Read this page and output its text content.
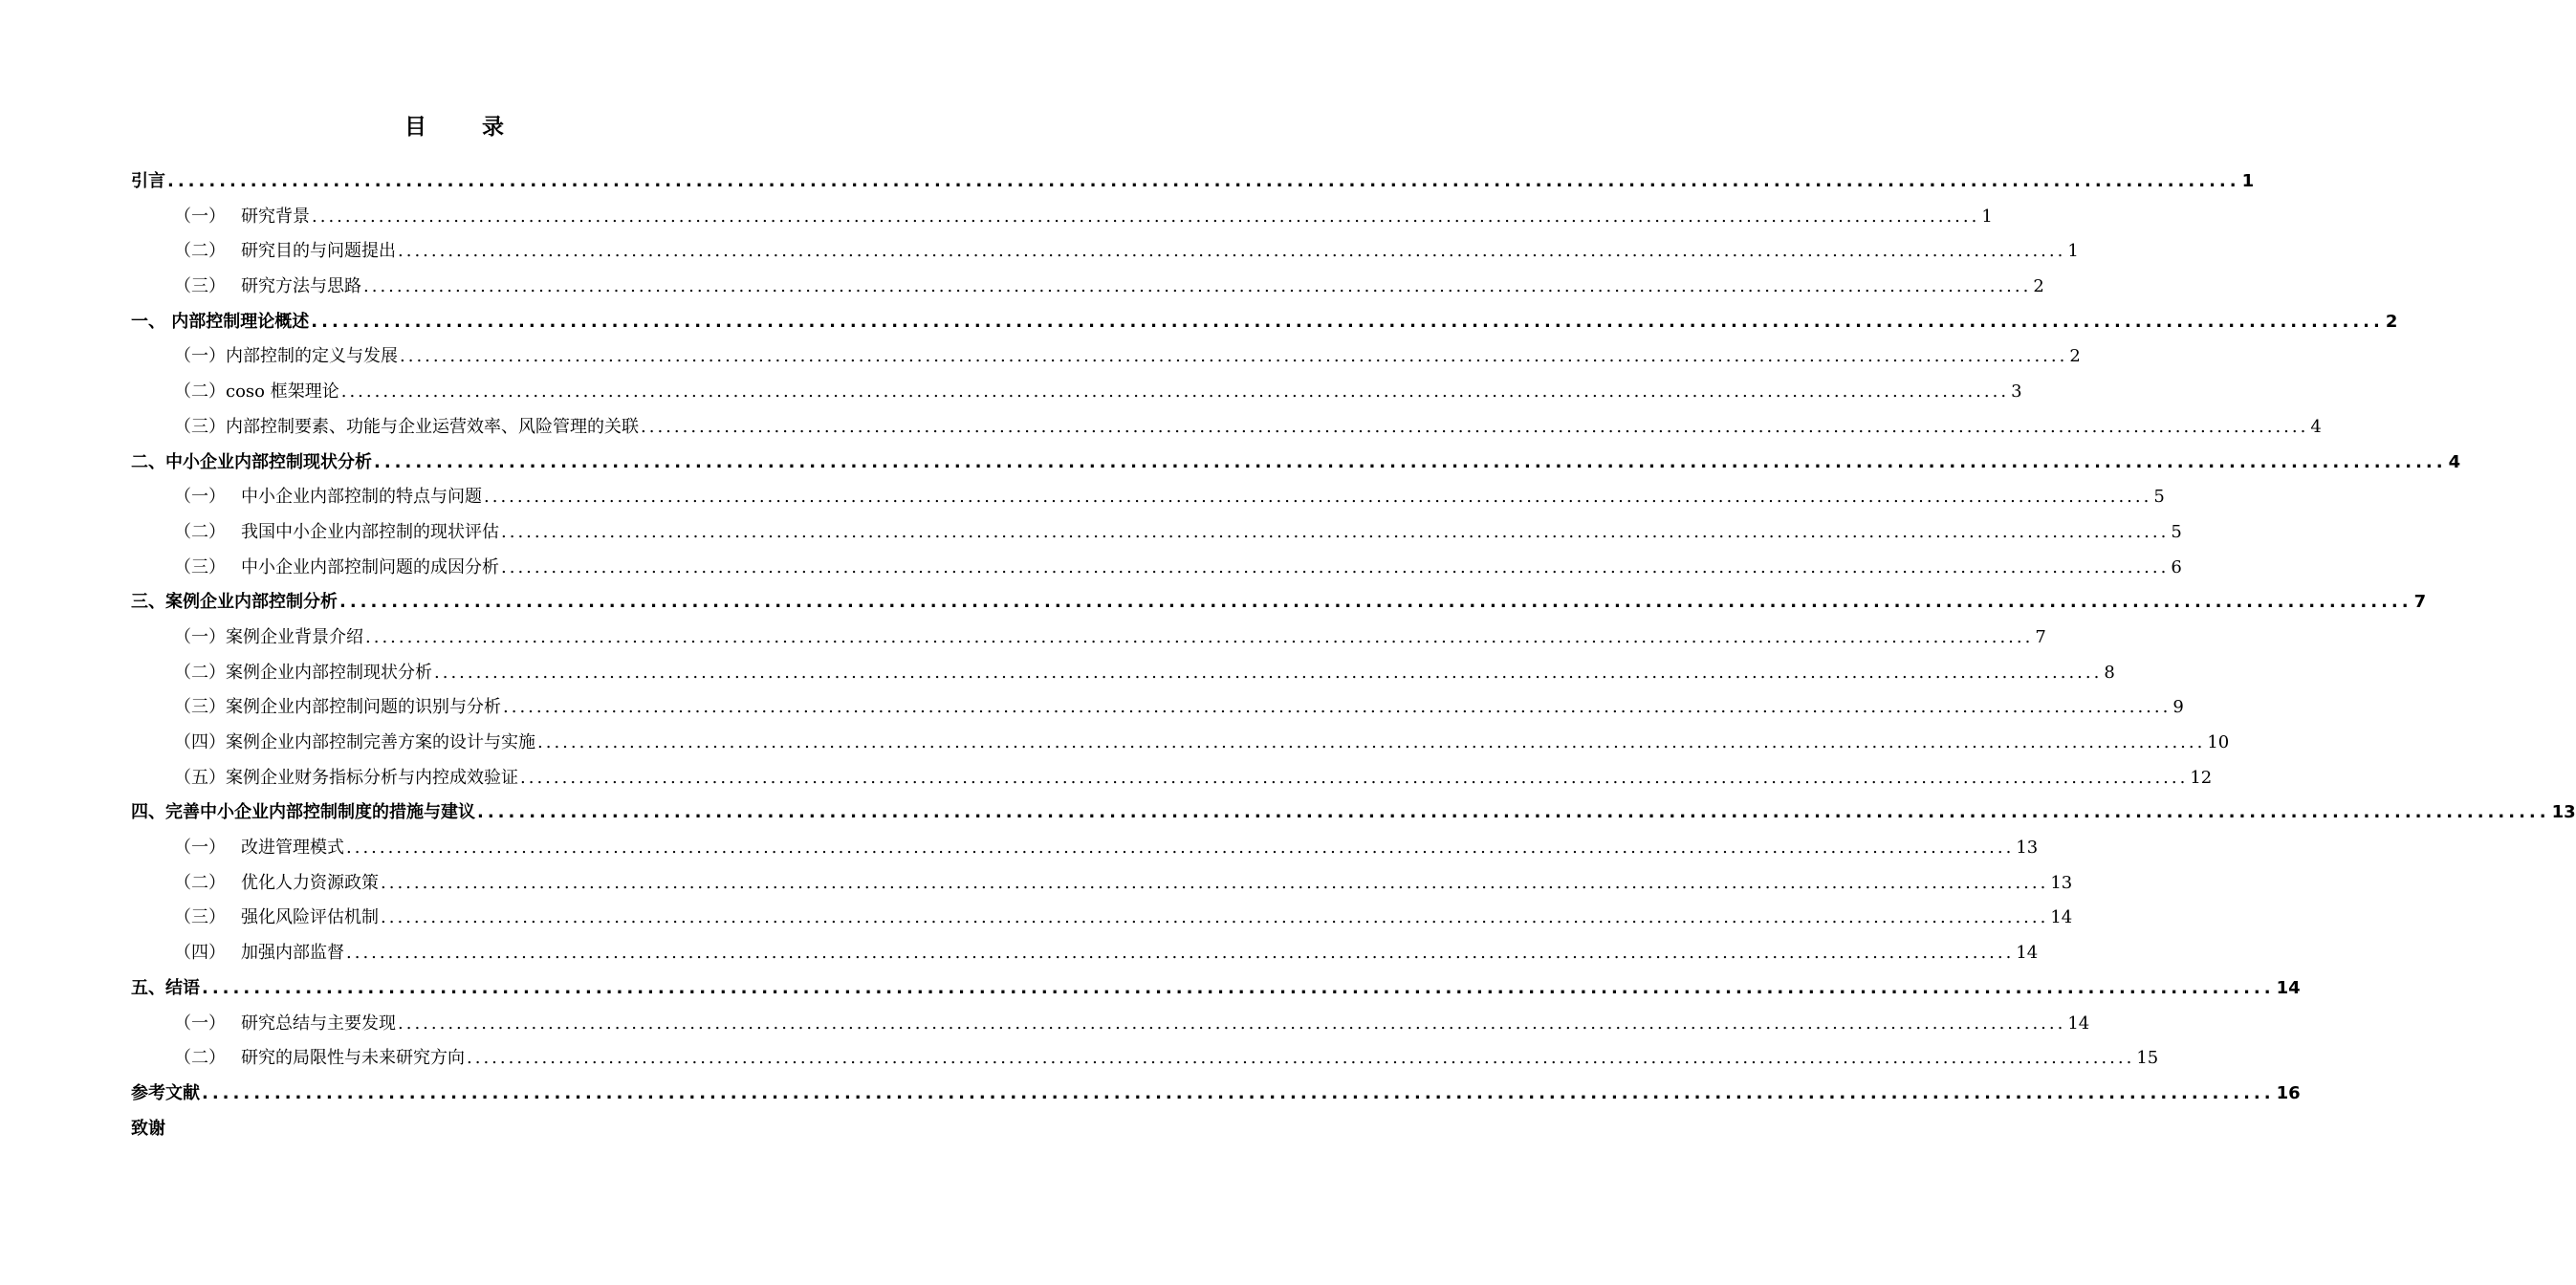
目	录
引言 ........................................................................................................................................................................................................ 1
（一） 研究背景 ........................................................................................................................................................................................................ 1
（二） 研究目的与问题提出 ........................................................................................................................................................................................................ 1
（三） 研究方法与思路 ........................................................................................................................................................................................................ 2
一、 内部控制理论概述 ........................................................................................................................................................................................................ 2
（一）内部控制的定义与发展 ........................................................................................................................................................................................................ 2
（二）coso 框架理论 ........................................................................................................................................................................................................ 3
（三）内部控制要素、功能与企业运营效率、风险管理的关联 ........................................................................................................................................................................................................ 4
二、中小企业内部控制现状分析 ........................................................................................................................................................................................................ 4
（一） 中小企业内部控制的特点与问题 ........................................................................................................................................................................................................ 5
（二） 我国中小企业内部控制的现状评估 ........................................................................................................................................................................................................ 5
（三） 中小企业内部控制问题的成因分析 ........................................................................................................................................................................................................ 6
三、案例企业内部控制分析 ........................................................................................................................................................................................................ 7
（一）案例企业背景介绍 ........................................................................................................................................................................................................ 7
（二）案例企业内部控制现状分析 ........................................................................................................................................................................................................ 8
（三）案例企业内部控制问题的识别与分析 ........................................................................................................................................................................................................ 9
（四）案例企业内部控制完善方案的设计与实施 ........................................................................................................................................................................................................ 10
（五）案例企业财务指标分析与内控成效验证 ........................................................................................................................................................................................................ 12
四、完善中小企业内部控制制度的措施与建议 ........................................................................................................................................................................................................ 13
（一） 改进管理模式 ........................................................................................................................................................................................................ 13
（二） 优化人力资源政策 ........................................................................................................................................................................................................ 13
（三） 强化风险评估机制 ........................................................................................................................................................................................................ 14
（四） 加强内部监督 ........................................................................................................................................................................................................ 14
五、结语 ........................................................................................................................................................................................................ 14
（一） 研究总结与主要发现 ........................................................................................................................................................................................................ 14
（二） 研究的局限性与未来研究方向 ........................................................................................................................................................................................................ 15
参考文献 ........................................................................................................................................................................................................ 16
致谢
